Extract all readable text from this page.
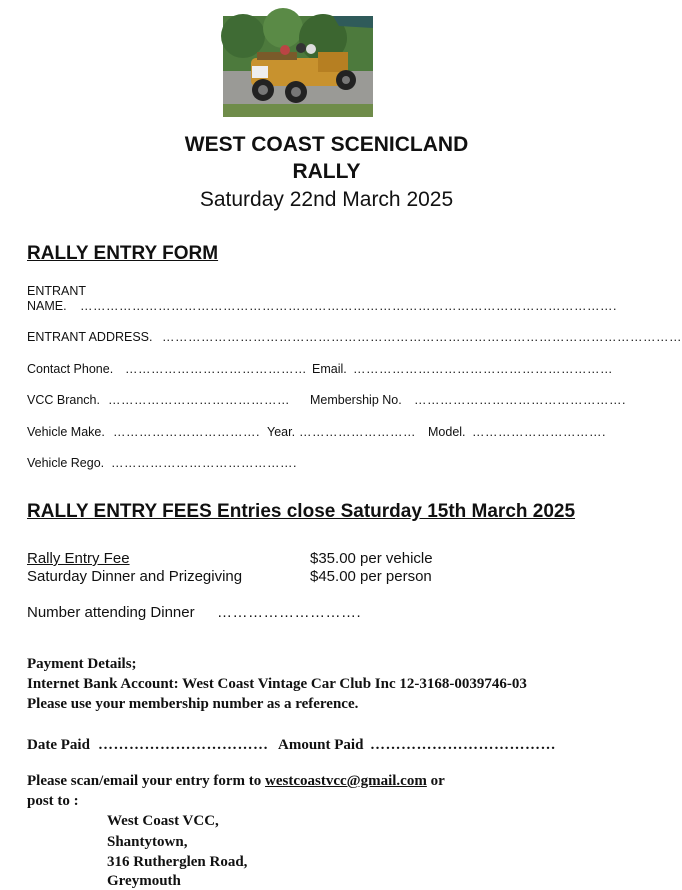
WEST COAST SCENICLAND
RALLY
Saturday 22nd March 2025
RALLY ENTRY FORM
ENTRANT
NAME. …………………………………………………………………………………………………………….
ENTRANT ADDRESS. …………………………………………………………………………………………………………
Contact Phone. …………………………………… Email. ……………………………………………………
VCC Branch. ……………………………………	Membership No. ………………………………………….
Vehicle Make. ……………………………. Year. ……………………… Model. ………………………….
Vehicle Rego. …………………………………….
RALLY ENTRY FEES Entries close Saturday 15th March 2025
Rally Entry Fee	$35.00 per vehicle
Saturday Dinner and Prizegiving	$45.00 per person
Number attending Dinner ……………………….
Payment Details;
Internet Bank Account: West Coast Vintage Car Club Inc 12-3168-0039746-03
Please use your membership number as a reference.
Date Paid …………………………… Amount Paid ………………………………
Please scan/email your entry form to westcoastvcc@gmail.com or
post to :
West Coast VCC,
Shantytown,
316 Rutherglen Road,
Greymouth
